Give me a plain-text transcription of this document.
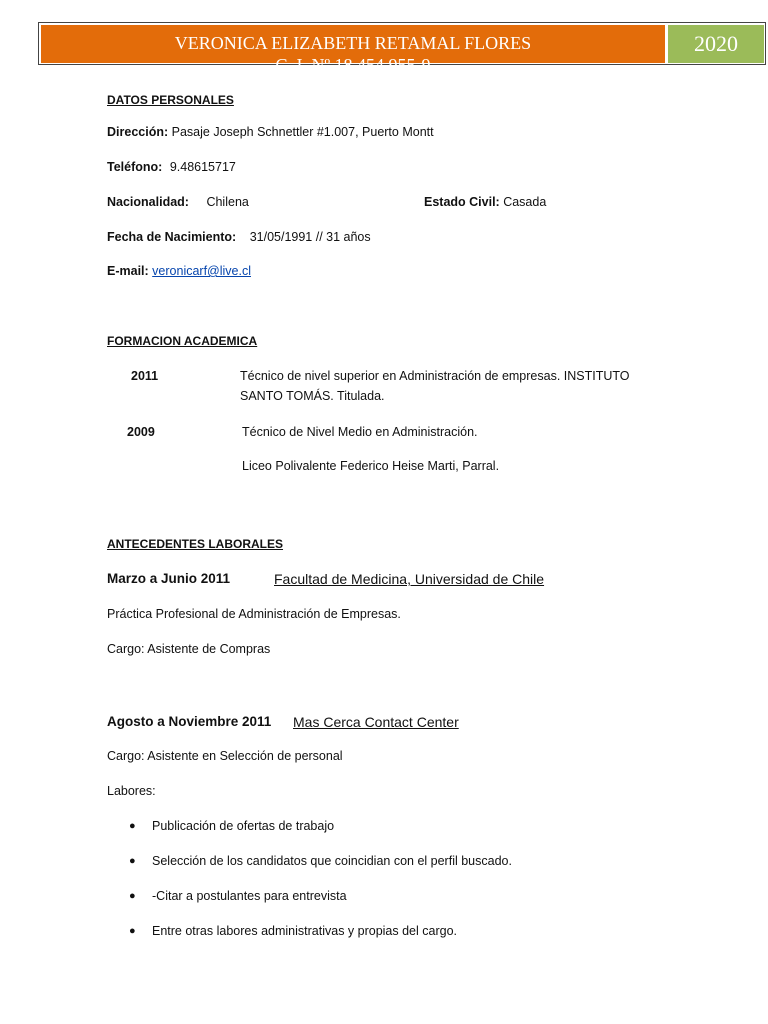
VERONICA ELIZABETH RETAMAL FLORES
C. I. Nº 18.454.955-9
2020
DATOS PERSONALES
Dirección: Pasaje Joseph Schnettler #1.007, Puerto Montt
Teléfono: 9.48615717
Nacionalidad: Chilena	Estado Civil: Casada
Fecha de Nacimiento: 31/05/1991 // 31 años
E-mail: veronicarf@live.cl
FORMACION ACADEMICA
2011	Técnico de nivel superior en Administración de empresas. INSTITUTO
SANTO TOMÁS. Titulada.
2009	Técnico de Nivel Medio en Administración.
Liceo Polivalente Federico Heise Marti, Parral.
ANTECEDENTES LABORALES
Marzo a Junio 2011	Facultad de Medicina, Universidad de Chile
Práctica Profesional de Administración de Empresas.
Cargo: Asistente de Compras
Agosto a Noviembre 2011 Mas Cerca Contact Center
Cargo: Asistente en Selección de personal
Labores:
● Publicación de ofertas de trabajo
● Selección de los candidatos que coincidian con el perfil buscado.
● -Citar a postulantes para entrevista
● Entre otras labores administrativas y propias del cargo.
